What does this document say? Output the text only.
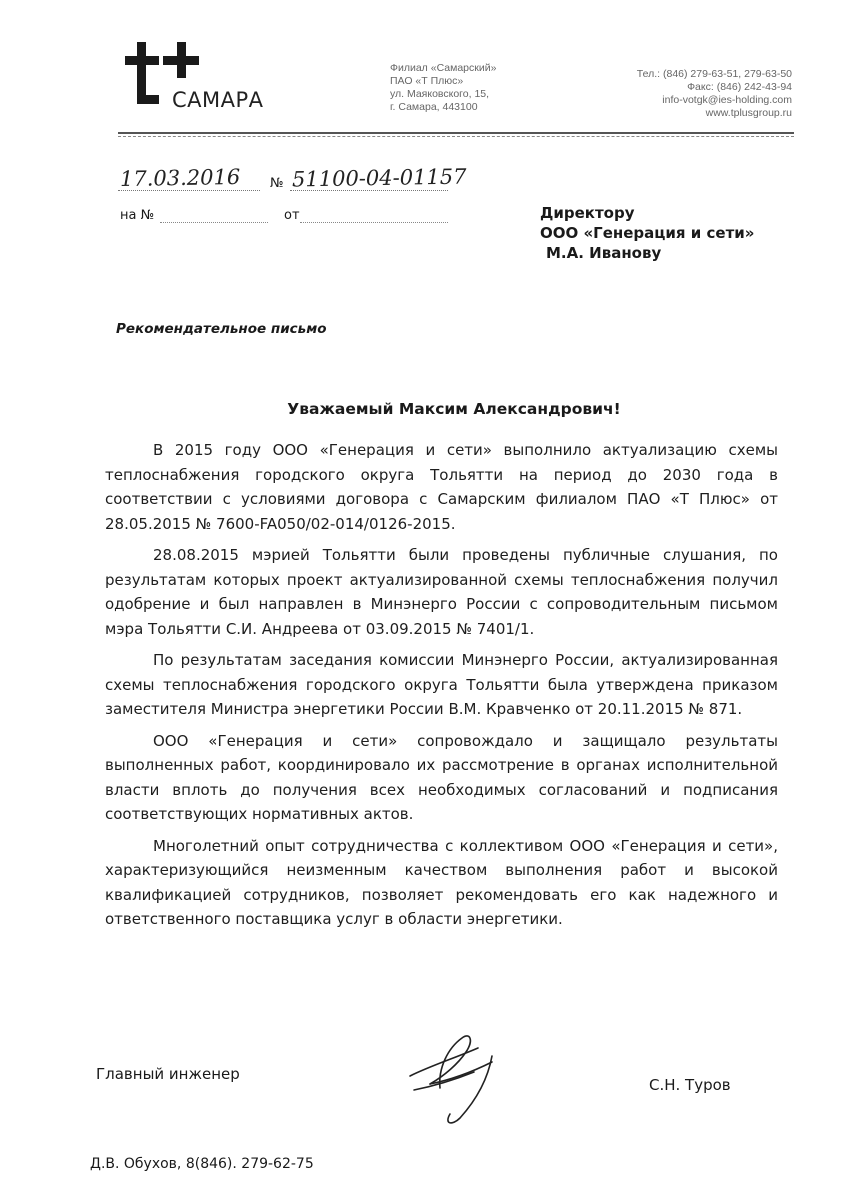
САМАРА
Филиал «Самарский»
ПАО «Т Плюс»
ул. Маяковского, 15,
г. Самара, 443100
Тел.: (846) 279-63-51, 279-63-50
Факс: (846) 242-43-94
info-votgk@ies-holding.com
www.tplusgroup.ru
17.03.2016 № 51100-04-01157
на №	от	Директору
ООО «Генерация и сети»
М.А. Иванову
Рекомендательное письмо
Уважаемый Максим Александрович!

В 2015 году ООО «Генерация и сети» выполнило актуализацию схемы теплоснабжения городского округа Тольятти на период до 2030 года в соответствии с условиями договора с Самарским филиалом ПАО «Т Плюс» от 28.05.2015 № 7600-FA050/02-014/0126-2015.

28.08.2015 мэрией Тольятти были проведены публичные слушания, по результатам которых проект актуализированной схемы теплоснабжения получил одобрение и был направлен в Минэнерго России с сопроводительным письмом мэра Тольятти С.И. Андреева от 03.09.2015 № 7401/1.

По результатам заседания комиссии Минэнерго России, актуализированная схемы теплоснабжения городского округа Тольятти была утверждена приказом заместителя Министра энергетики России В.М. Кравченко от 20.11.2015 № 871.

ООО «Генерация и сети» сопровождало и защищало результаты выполненных работ, координировало их рассмотрение в органах исполнительной власти вплоть до получения всех необходимых согласований и подписания соответствующих нормативных актов.

Многолетний опыт сотрудничества с коллективом ООО «Генерация и сети», характеризующийся неизменным качеством выполнения работ и высокой квалификацией сотрудников, позволяет рекомендовать его как надежного и ответственного поставщика услуг в области энергетики.

Главный инженер
С.Н. Туров
Д.В. Обухов, 8(846). 279-62-75
